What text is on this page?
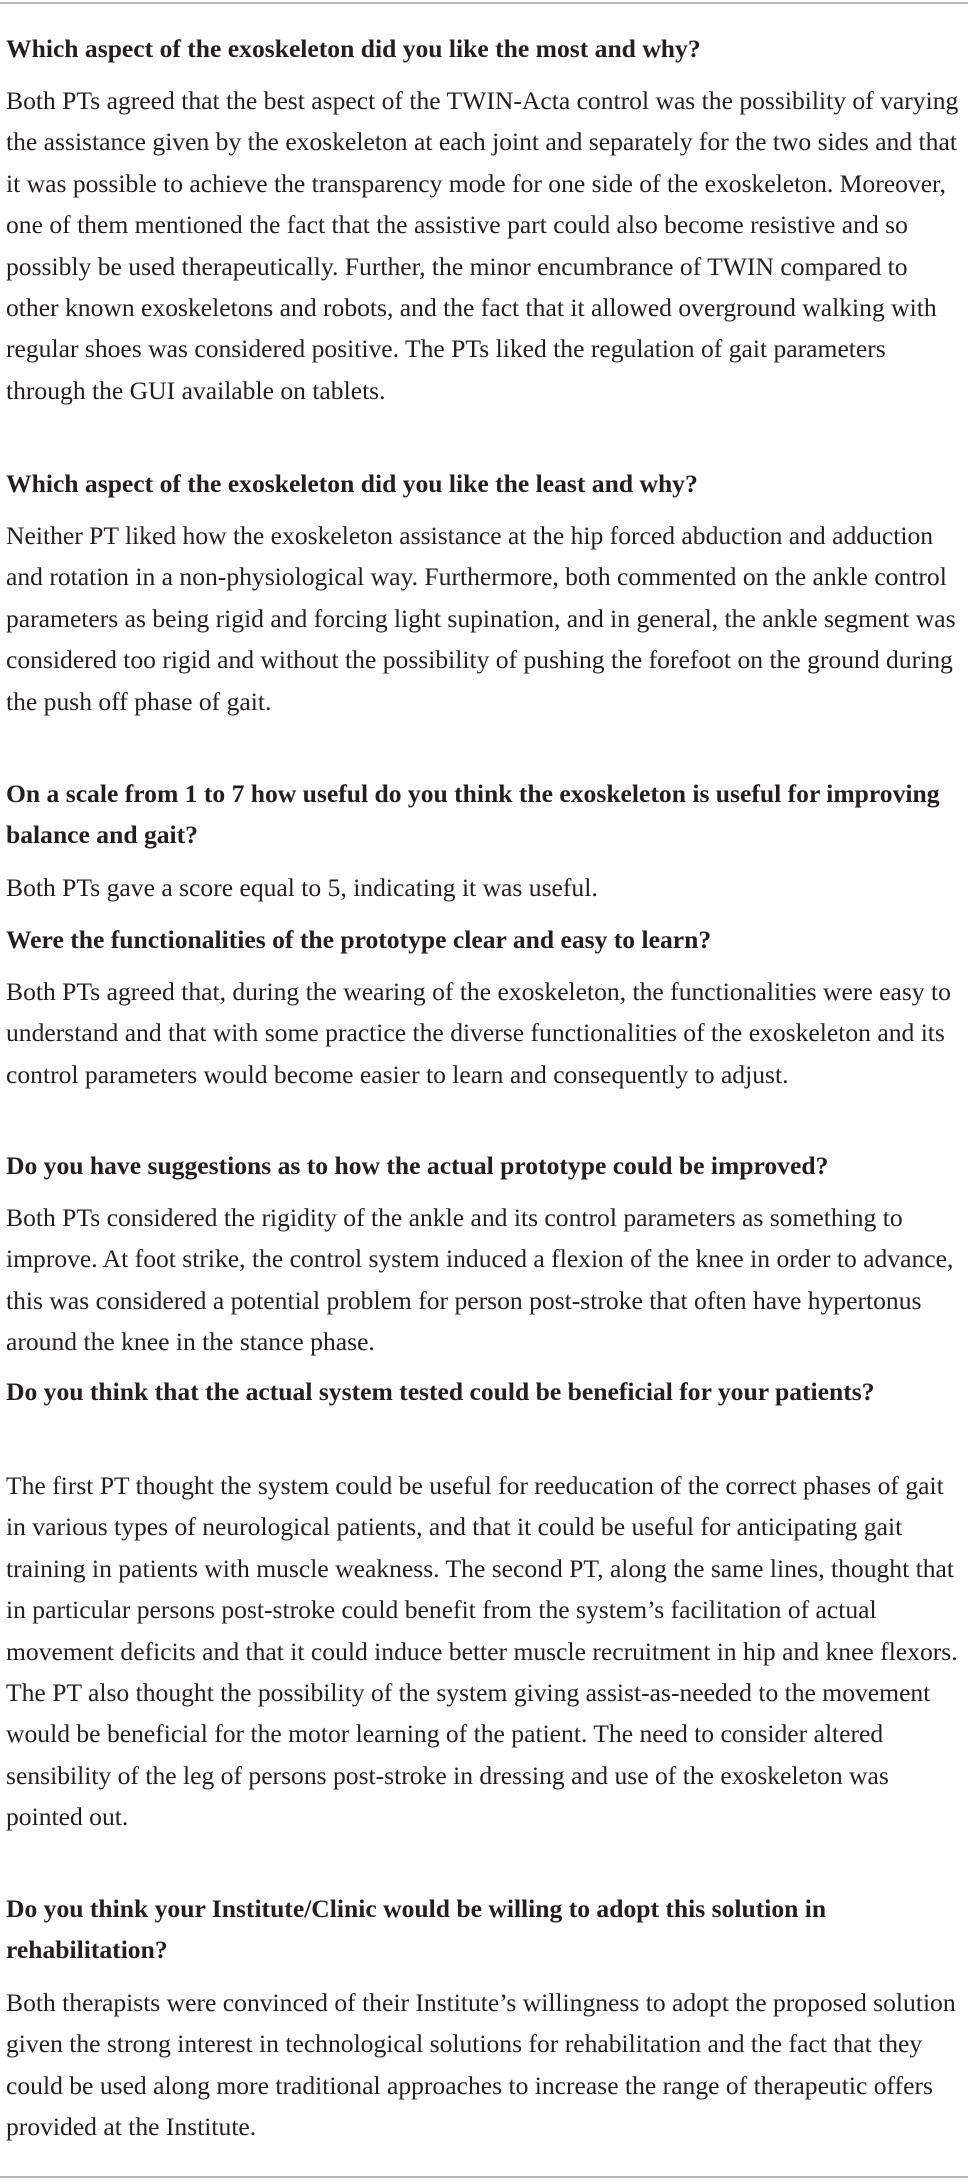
Which aspect of the exoskeleton did you like the most and why?

Both PTs agreed that the best aspect of the TWIN-Acta control was the possibility of varying the assistance given by the exoskeleton at each joint and separately for the two sides and that it was possible to achieve the transparency mode for one side of the exoskeleton. Moreover, one of them mentioned the fact that the assistive part could also become resistive and so possibly be used therapeutically. Further, the minor encumbrance of TWIN compared to other known exoskeletons and robots, and the fact that it allowed overground walking with regular shoes was considered positive. The PTs liked the regulation of gait parameters through the GUI available on tablets.

Which aspect of the exoskeleton did you like the least and why?

Neither PT liked how the exoskeleton assistance at the hip forced abduction and adduction and rotation in a non-physiological way. Furthermore, both commented on the ankle control parameters as being rigid and forcing light supination, and in general, the ankle segment was considered too rigid and without the possibility of pushing the forefoot on the ground during the push off phase of gait.

On a scale from 1 to 7 how useful do you think the exoskeleton is useful for improving balance and gait?

Both PTs gave a score equal to 5, indicating it was useful.

Were the functionalities of the prototype clear and easy to learn?

Both PTs agreed that, during the wearing of the exoskeleton, the functionalities were easy to understand and that with some practice the diverse functionalities of the exoskeleton and its control parameters would become easier to learn and consequently to adjust.

Do you have suggestions as to how the actual prototype could be improved?

Both PTs considered the rigidity of the ankle and its control parameters as something to improve. At foot strike, the control system induced a flexion of the knee in order to advance, this was considered a potential problem for person post-stroke that often have hypertonus around the knee in the stance phase.

Do you think that the actual system tested could be beneficial for your patients?

The first PT thought the system could be useful for reeducation of the correct phases of gait in various types of neurological patients, and that it could be useful for anticipating gait training in patients with muscle weakness. The second PT, along the same lines, thought that in particular persons post-stroke could benefit from the system’s facilitation of actual movement deficits and that it could induce better muscle recruitment in hip and knee flexors. The PT also thought the possibility of the system giving assist-as-needed to the movement would be beneficial for the motor learning of the patient. The need to consider altered sensibility of the leg of persons post-stroke in dressing and use of the exoskeleton was pointed out.

Do you think your Institute/Clinic would be willing to adopt this solution in rehabilitation?

Both therapists were convinced of their Institute’s willingness to adopt the proposed solution given the strong interest in technological solutions for rehabilitation and the fact that they could be used along more traditional approaches to increase the range of therapeutic offers provided at the Institute.
